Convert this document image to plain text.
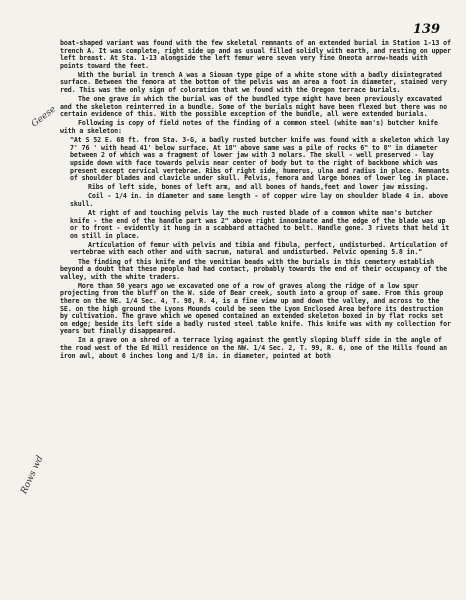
139
Geese
Rows wd

boat-shaped variant was found with the few skeletal remnants of an extended burial in Station 1-13 of trench A. It was complete, right side up and as usual filled solidly with earth, and resting on upper left breast. At Sta. 1-13 alongside the left femur were seven very fine Oneota arrow-heads with points toward the feet.

With the burial in trench A was a Siouan type pipe of a white stone with a badly disintegrated surface. Between the femora at the bottom of the pelvis was an area a foot in diameter, stained very red. This was the only sign of coloration that we found with the Oregon terrace burials.

The one grave in which the burial was of the bundled type might have been previously excavated and the skeleton reinterred in a bundle. Some of the burials might have been flexed but there was no certain evidence of this. With the possible exception of the bundle, all were extended burials.

Following is copy of field notes of the finding of a common steel (white man's) butcher knife with a skeleton:

"At S 52 E. 68 ft. from Sta. 3-G, a badly rusted butcher knife was found with a skeleton which lay 7' 76 ' with head 41' below surface. At 18" above same was a pile of rocks 6" to 8" in diameter between 2 of which was a fragment of lower jaw with 3 molars. The skull - well preserved - lay upside down with face towards pelvis near center of body but to the right of backbone which was present except cervical vertebrae. Ribs of right side, humerus, ulna and radius in place. Remnants of shoulder blades and clavicle under skull. Pelvis, femora and large bones of lower leg in place.

Ribs of left side, bones of left arm, and all bones of hands,feet and lower jaw missing.

Coil - 1/4 in. in diameter and same length - of copper wire lay on shoulder blade 4 in. above skull.

At right of and touching pelvis lay the much rusted blade of a common white man's butcher knife - the end of the handle part was 2" above right innominate and the edge of the blade was up or to front - evidently it hung in a scabbard attached to belt. Handle gone. 3 rivets that held it on still in place.

Articulation of femur with pelvis and tibia and fibula, perfect, undisturbed. Articulation of vertebrae with each other and with sacrum, natural and undisturbed. Pelvic opening 5.8 in."

The finding of this knife and the venitian beads with the burials in this cemetery establish beyond a doubt that these people had had contact, probably towards the end of their occupancy of the valley, with the white traders.

More than 50 years ago we excavated one of a row of graves along the ridge of a low spur projecting from the bluff on the W. side of Bear creek, south into a group of same. From this group there on the NE. 1/4 Sec. 4, T. 98, R. 4, is a fine view up and down the valley, and across to the SE. on the high ground the Lyons Mounds could be seen the Lyon Enclosed Area before its destruction by cultivation. The grave which we opened contained an extended skeleton boxed in by flat rocks set on edge; beside its left side a badly rusted steel table knife. This knife was with my collection for years but finally disappeared.

In a grave on a shred of a terrace lying against the gently sloping bluff side in the angle of the road west of the Ed Hill residence on the NW. 1/4 Sec. 2, T. 99, R. 6, one of the Hills found an iron awl, about 6 inches long and 1/8 in. in diameter, pointed at both
